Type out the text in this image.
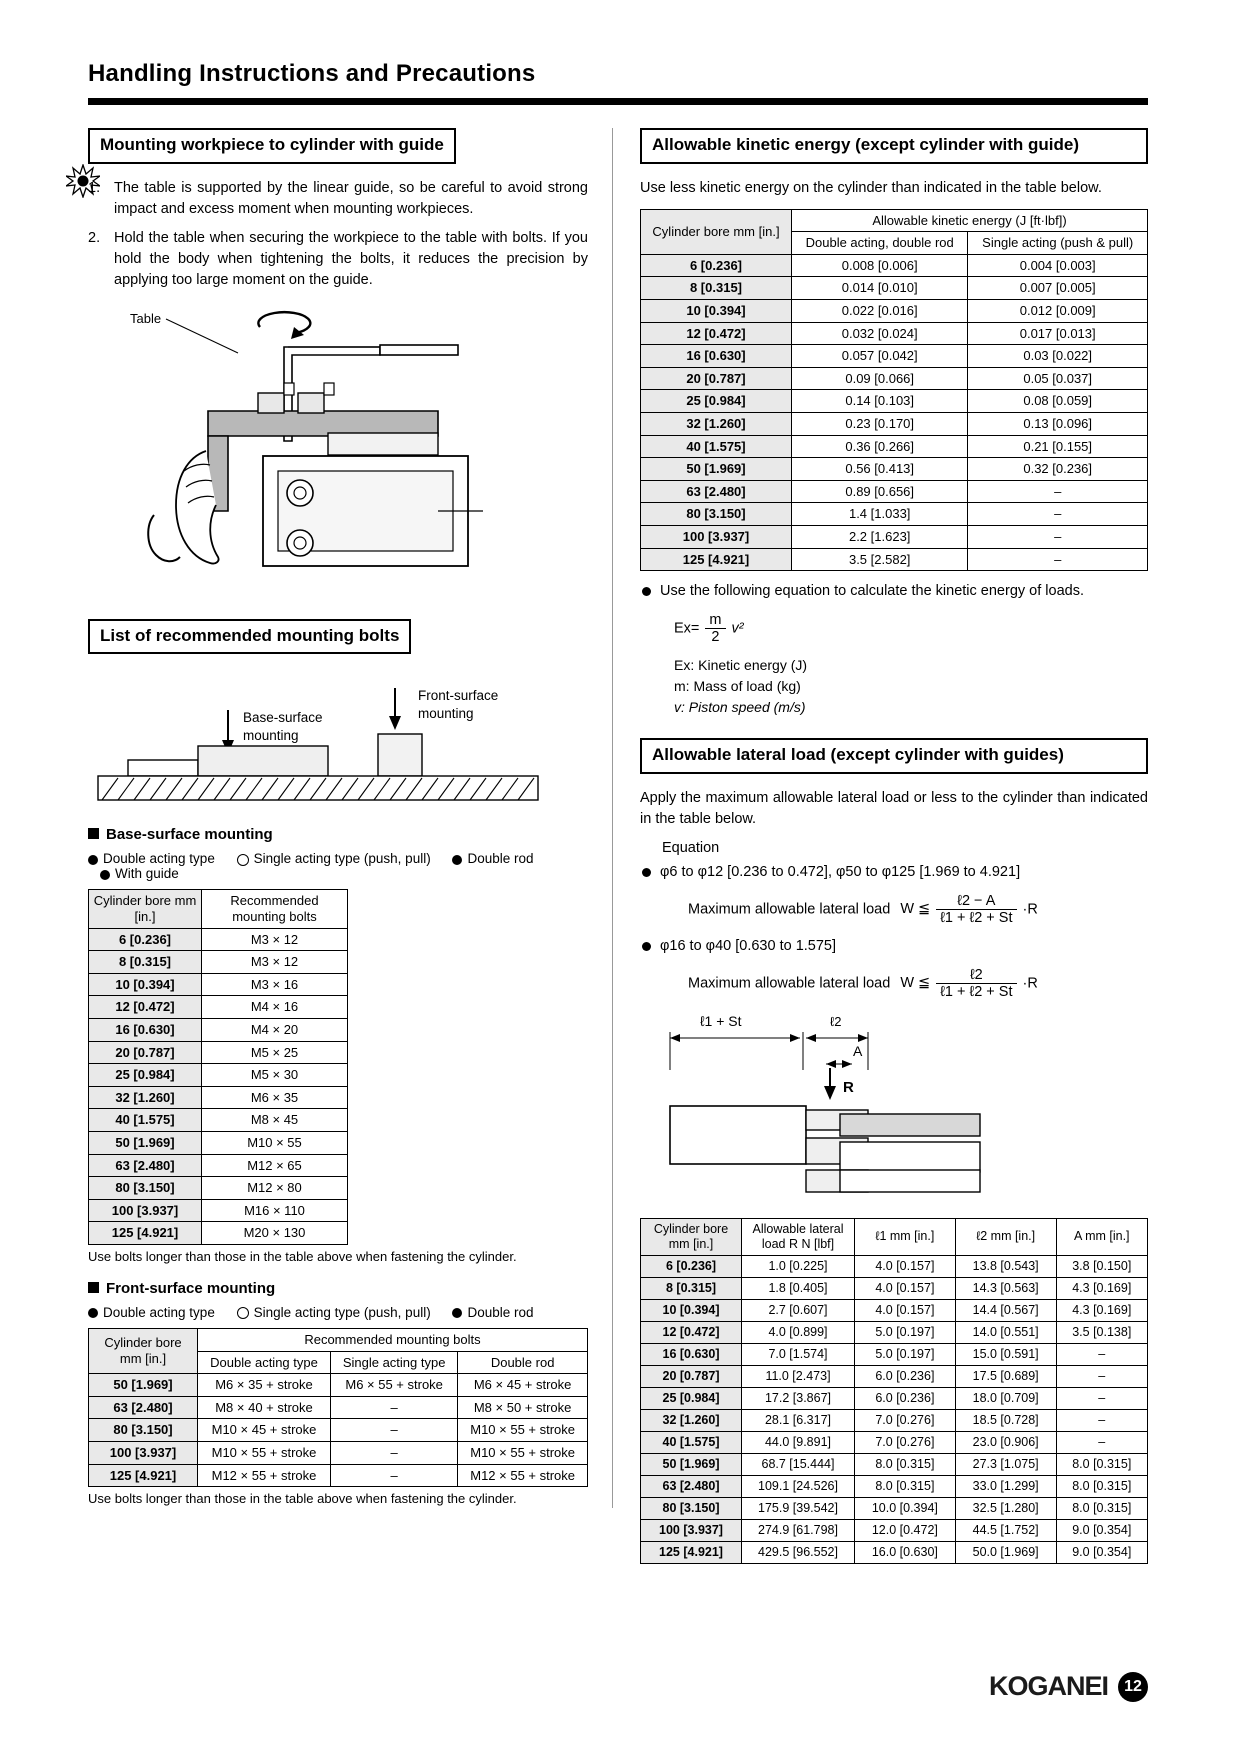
Handling Instructions and Precautions
Mounting workpiece to cylinder with guide
1. The table is supported by the linear guide, so be careful to avoid strong impact and excess moment when mounting workpieces.
2. Hold the table when securing the workpiece to the table with bolts. If you hold the body when tightening the bolts, it reduces the precision by applying too large moment on the guide.
Table
List of recommended mounting bolts
Base-surface
mounting
Front-surface
mounting
Base-surface mounting
Double acting type	Single acting type (push, pull)	Double rod With guide
Cylinder bore mm [in.]	Recommended mounting bolts
6 [0.236]	M3 × 12
8 [0.315]	M3 × 12
10 [0.394]	M3 × 16
12 [0.472]	M4 × 16
16 [0.630]	M4 × 20
20 [0.787]	M5 × 25
25 [0.984]	M5 × 30
32 [1.260]	M6 × 35
40 [1.575]	M8 × 45
50 [1.969]	M10 × 55
63 [2.480]	M12 × 65
80 [3.150]	M12 × 80
100 [3.937]	M16 × 110
125 [4.921]	M20 × 130
Use bolts longer than those in the table above when fastening the cylinder.
Front-surface mounting
Double acting type	Single acting type (push, pull)	Double rod
Cylinder bore mm [in.]	Recommended mounting bolts		
	Double acting type	Single acting type	Double rod
50 [1.969]	M6 × 35 + stroke	M6 × 55 + stroke	M6 × 45 + stroke
63 [2.480]	M8 × 40 + stroke	–	M8 × 50 + stroke
80 [3.150]	M10 × 45 + stroke	–	M10 × 55 + stroke
100 [3.937]	M10 × 55 + stroke	–	M10 × 55 + stroke
125 [4.921]	M12 × 55 + stroke	–	M12 × 55 + stroke
Use bolts longer than those in the table above when fastening the cylinder.
Allowable kinetic energy (except cylinder with guide)

Use less kinetic energy on the cylinder than indicated in the table below.

Cylinder bore mm [in.]	Allowable kinetic energy (J [ft·lbf])	
	Double acting, double rod	Single acting (push & pull)
6 [0.236]	0.008 [0.006]	0.004 [0.003]
8 [0.315]	0.014 [0.010]	0.007 [0.005]
10 [0.394]	0.022 [0.016]	0.012 [0.009]
12 [0.472]	0.032 [0.024]	0.017 [0.013]
16 [0.630]	0.057 [0.042]	0.03 [0.022]
20 [0.787]	0.09 [0.066]	0.05 [0.037]
25 [0.984]	0.14 [0.103]	0.08 [0.059]
32 [1.260]	0.23 [0.170]	0.13 [0.096]
40 [1.575]	0.36 [0.266]	0.21 [0.155]
50 [1.969]	0.56 [0.413]	0.32 [0.236]
63 [2.480]	0.89 [0.656]	–
80 [3.150]	1.4 [1.033]	–
100 [3.937]	2.2 [1.623]	–
125 [4.921]	3.5 [2.582]	–
Use the following equation to calculate the kinetic energy of loads.
$Ex= \frac{m}{2} v^2$
Ex: Kinetic energy (J)
m: Mass of load (kg)
v: Piston speed (m/s)
Allowable lateral load (except cylinder with guides)

Apply the maximum allowable lateral load or less to the cylinder than indicated in the table below.

Equation
φ6 to φ12 [0.236 to 0.472], φ50 to φ125 [1.969 to 4.921]
Maximum allowable lateral load W ≦ $\frac{\text{ℓ2 − A}}{\text{ℓ1 + ℓ2 + St}} \cdot R$
φ16 to φ40 [0.630 to 1.575]
Maximum allowable lateral load W ≦ $\frac{\text{ℓ2}}{\text{ℓ1 + ℓ2 + St}} \cdot R$
ℓ1 + St	ℓ2
A
R
Cylinder bore mm [in.]	Allowable lateral load R N [lbf]	ℓ1 mm [in.]	ℓ2 mm [in.]	A mm [in.]
6 [0.236]	1.0 [0.225]	4.0 [0.157]	13.8 [0.543]	3.8 [0.150]
8 [0.315]	1.8 [0.405]	4.0 [0.157]	14.3 [0.563]	4.3 [0.169]
10 [0.394]	2.7 [0.607]	4.0 [0.157]	14.4 [0.567]	4.3 [0.169]
12 [0.472]	4.0 [0.899]	5.0 [0.197]	14.0 [0.551]	3.5 [0.138]
16 [0.630]	7.0 [1.574]	5.0 [0.197]	15.0 [0.591]	–
20 [0.787]	11.0 [2.473]	6.0 [0.236]	17.5 [0.689]	–
25 [0.984]	17.2 [3.867]	6.0 [0.236]	18.0 [0.709]	–
32 [1.260]	28.1 [6.317]	7.0 [0.276]	18.5 [0.728]	–
40 [1.575]	44.0 [9.891]	7.0 [0.276]	23.0 [0.906]	–
50 [1.969]	68.7 [15.444]	8.0 [0.315]	27.3 [1.075]	8.0 [0.315]
63 [2.480]	109.1 [24.526]	8.0 [0.315]	33.0 [1.299]	8.0 [0.315]
80 [3.150]	175.9 [39.542]	10.0 [0.394]	32.5 [1.280]	8.0 [0.315]
100 [3.937]	274.9 [61.798]	12.0 [0.472]	44.5 [1.752]	9.0 [0.354]
125 [4.921]	429.5 [96.552]	16.0 [0.630]	50.0 [1.969]	9.0 [0.354]
KOGANEI	12
